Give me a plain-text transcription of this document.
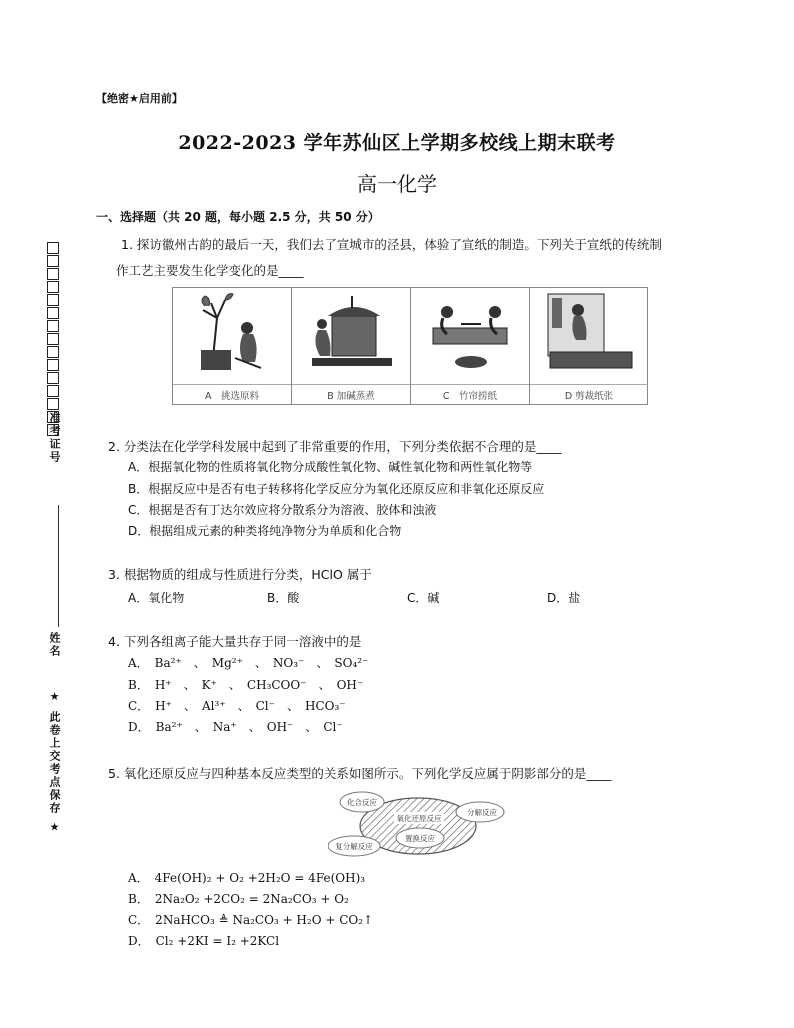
【绝密★启用前】
2022-2023 学年苏仙区上学期多校线上期末联考
高一化学
一、选择题（共 20 题，每小题 2.5 分，共 50 分）
准考证号
姓名
★ 此卷上交考点保存 ★
1. 探访徽州古韵的最后一天，我们去了宣城市的泾县，体验了宣纸的制造。下列关于宣纸的传统制
作工艺主要发生化学变化的是____
A　挑选原料	B 加碱蒸煮	C　竹帘捞纸	D 剪裁纸张
2. 分类法在化学学科发展中起到了非常重要的作用，下列分类依据不合理的是____
A．根据氧化物的性质将氧化物分成酸性氧化物、碱性氧化物和两性氧化物等
B．根据反应中是否有电子转移将化学反应分为氧化还原反应和非氧化还原反应
C．根据是否有丁达尔效应将分散系分为溶液、胶体和浊液
D．根据组成元素的种类将纯净物分为单质和化合物
3. 根据物质的组成与性质进行分类，HClO 属于
A．氧化物	B．酸	C．碱	D．盐
4. 下列各组离子能大量共存于同一溶液中的是
A．　Ba²⁺　、　Mg²⁺　、　NO₃⁻　、　SO₄²⁻
B．　H⁺　、　K⁺　、　CH₃COO⁻　、　OH⁻
C．　H⁺　、　Al³⁺　、　Cl⁻　、　HCO₃⁻
D．　Ba²⁺　、　Na⁺　、　OH⁻　、　Cl⁻
5. 氧化还原反应与四种基本反应类型的关系如图所示。下列化学反应属于阴影部分的是____
化合反应
分解反应
氧化还原反应
置换反应
复分解反应
A．　4Fe(OH)₂ + O₂ +2H₂O = 4Fe(OH)₃
B．　2Na₂O₂ +2CO₂ = 2Na₂CO₃ + O₂
C．　2NaHCO₃ ≜ Na₂CO₃ + H₂O + CO₂↑
D．　Cl₂ +2KI = I₂ +2KCl
